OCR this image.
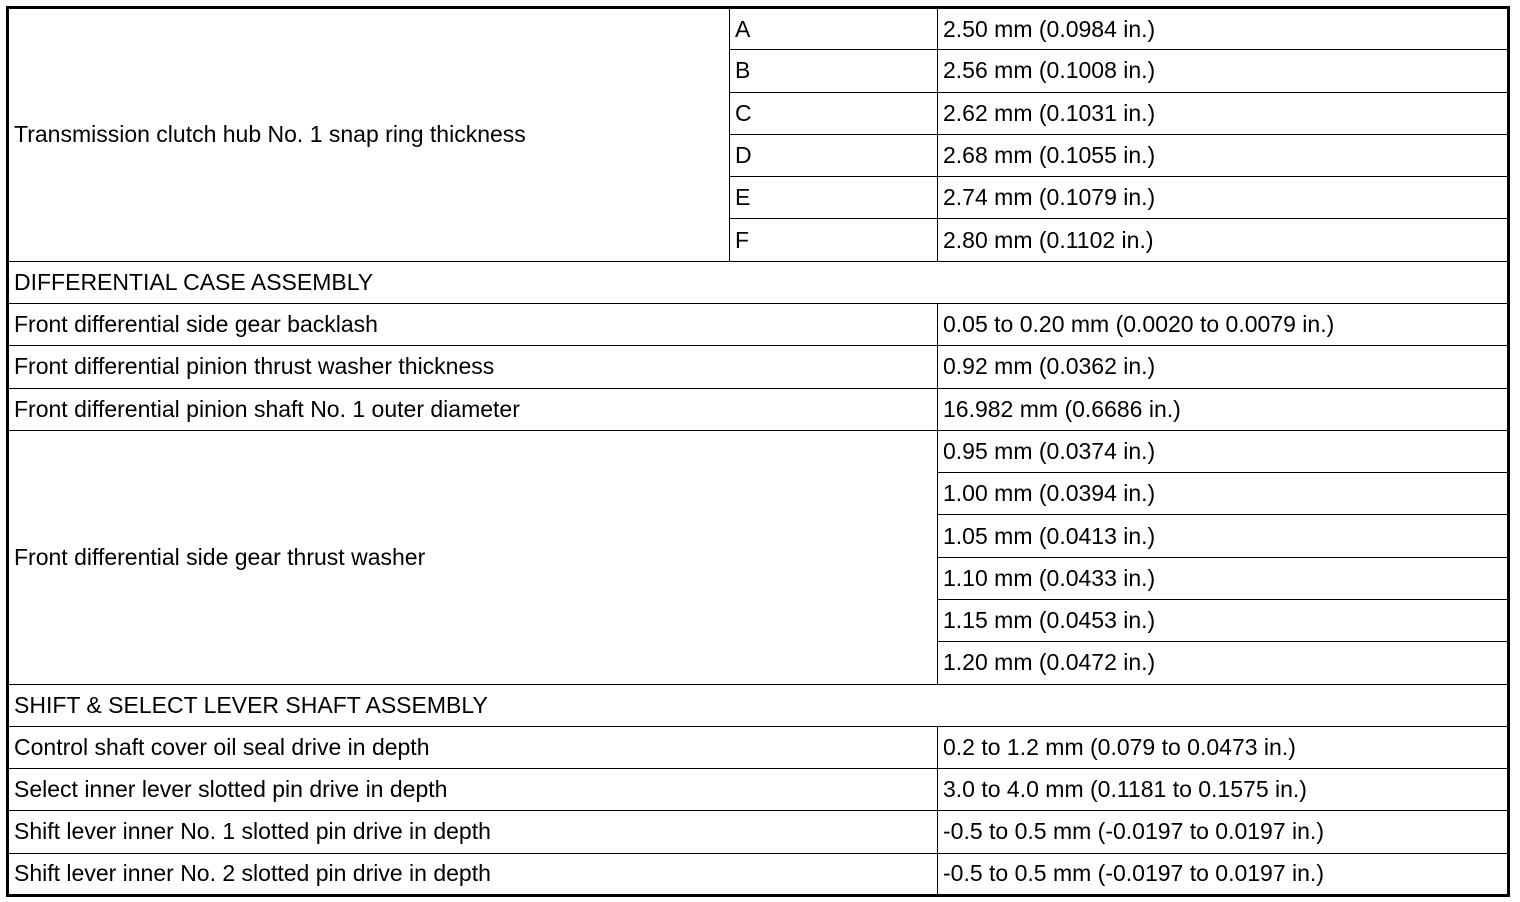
Transmission clutch hub No. 1 snap ring thickness	A	2.50 mm (0.0984 in.)
	B	2.56 mm (0.1008 in.)
	C	2.62 mm (0.1031 in.)
	D	2.68 mm (0.1055 in.)
	E	2.74 mm (0.1079 in.)
	F	2.80 mm (0.1102 in.)
DIFFERENTIAL CASE ASSEMBLY		
Front differential side gear backlash		0.05 to 0.20 mm (0.0020 to 0.0079 in.)
Front differential pinion thrust washer thickness		0.92 mm (0.0362 in.)
Front differential pinion shaft No. 1 outer diameter		16.982 mm (0.6686 in.)
Front differential side gear thrust washer		0.95 mm (0.0374 in.)
		1.00 mm (0.0394 in.)
		1.05 mm (0.0413 in.)
		1.10 mm (0.0433 in.)
		1.15 mm (0.0453 in.)
		1.20 mm (0.0472 in.)
SHIFT & SELECT LEVER SHAFT ASSEMBLY		
Control shaft cover oil seal drive in depth		0.2 to 1.2 mm (0.079 to 0.0473 in.)
Select inner lever slotted pin drive in depth		3.0 to 4.0 mm (0.1181 to 0.1575 in.)
Shift lever inner No. 1 slotted pin drive in depth		-0.5 to 0.5 mm (-0.0197 to 0.0197 in.)
Shift lever inner No. 2 slotted pin drive in depth		-0.5 to 0.5 mm (-0.0197 to 0.0197 in.)
